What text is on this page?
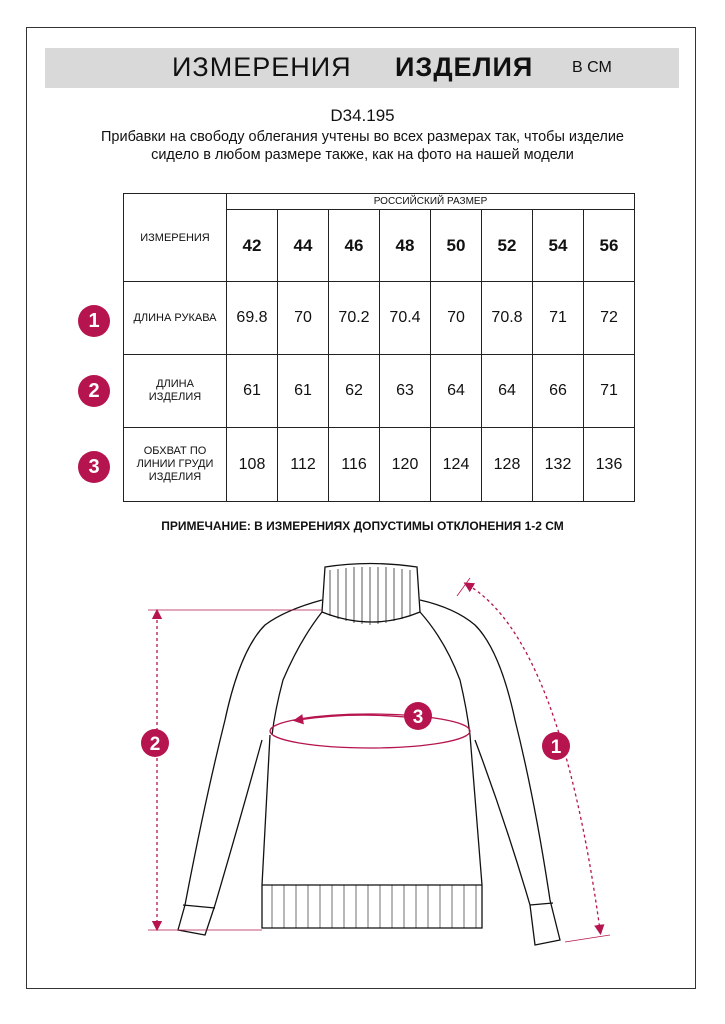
ИЗМЕРЕНИЯ ИЗДЕЛИЯ В СМ
D34.195
Прибавки на свободу облегания учтены во всех размерах так, чтобы изделие сидело в любом размере также, как на фото на нашей модели
ИЗМЕРЕНИЯ	РОССИЙСКИЙ РАЗМЕР							
	42	44	46	48	50	52	54	56
ДЛИНА РУКАВА	69.8	70	70.2	70.4	70	70.8	71	72
ДЛИНА ИЗДЕЛИЯ	61	61	62	63	64	64	66	71
ОБХВАТ ПО ЛИНИИ ГРУДИ ИЗДЕЛИЯ	108	112	116	120	124	128	132	136
1
2
3
ПРИМЕЧАНИЕ: В ИЗМЕРЕНИЯХ ДОПУСТИМЫ ОТКЛОНЕНИЯ 1-2 СМ
2
3
1
